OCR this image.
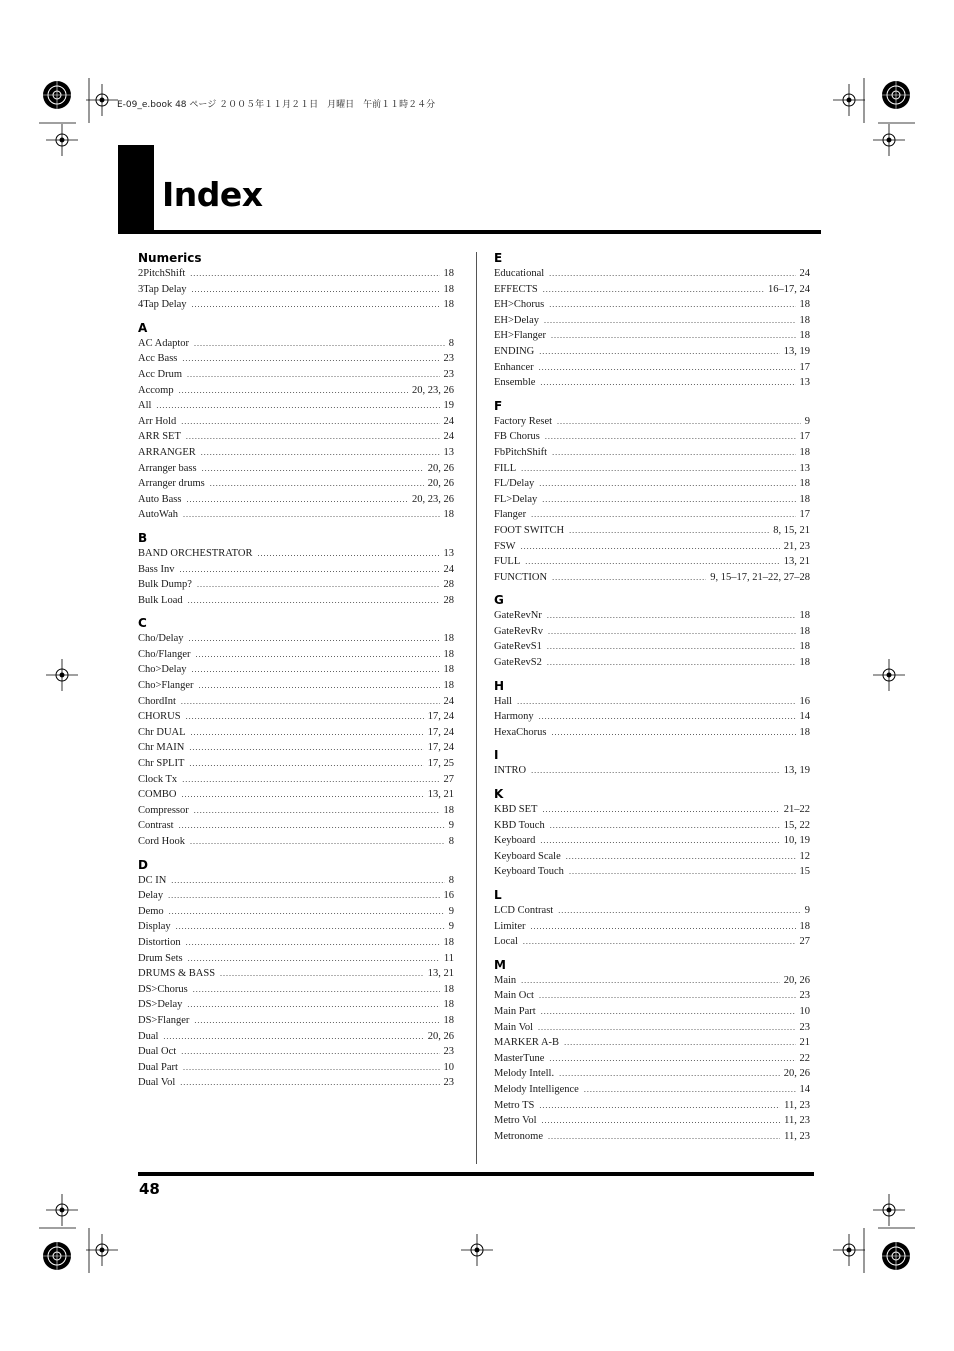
E-09_e.book 48 ページ ２００５年１１月２１日　月曜日　午前１１時２４分
Index
Numerics
2PitchShift .....	18
3Tap Delay .....	18
4Tap Delay .....	18
A
AC Adaptor .....	8
Acc Bass .....	23
Acc Drum .....	23
Accomp .....	20, 23, 26
All .....	19
Arr Hold .....	24
ARR SET .....	24
ARRANGER .....	13
Arranger bass .....	20, 26
Arranger drums .....	20, 26
Auto Bass .....	20, 23, 26
AutoWah .....	18
B
BAND ORCHESTRATOR .....	13
Bass Inv .....	24
Bulk Dump? .....	28
Bulk Load .....	28
C
Cho/Delay .....	18
Cho/Flanger .....	18
Cho>Delay .....	18
Cho>Flanger .....	18
ChordInt .....	24
CHORUS .....	17, 24
Chr DUAL .....	17, 24
Chr MAIN .....	17, 24
Chr SPLIT .....	17, 25
Clock Tx .....	27
COMBO .....	13, 21
Compressor .....	18
Contrast .....	9
Cord Hook .....	8
D
DC IN .....	8
Delay .....	16
Demo .....	9
Display .....	9
Distortion .....	18
Drum Sets .....	11
DRUMS & BASS .....	13, 21
DS>Chorus .....	18
DS>Delay .....	18
DS>Flanger .....	18
Dual .....	20, 26
Dual Oct .....	23
Dual Part .....	10
Dual Vol .....	23
E
Educational .....	24
EFFECTS .....	16–17, 24
EH>Chorus .....	18
EH>Delay .....	18
EH>Flanger .....	18
ENDING .....	13, 19
Enhancer .....	17
Ensemble .....	13
F
Factory Reset .....	9
FB Chorus .....	17
FbPitchShift .....	18
FILL .....	13
FL/Delay .....	18
FL>Delay .....	18
Flanger .....	17
FOOT SWITCH .....	8, 15, 21
FSW .....	21, 23
FULL .....	13, 21
FUNCTION .....	9, 15–17, 21–22, 27–28
G
GateRevNr .....	18
GateRevRv .....	18
GateRevS1 .....	18
GateRevS2 .....	18
H
Hall .....	16
Harmony .....	14
HexaChorus .....	18
I
INTRO .....	13, 19
K
KBD SET .....	21–22
KBD Touch .....	15, 22
Keyboard .....	10, 19
Keyboard Scale .....	12
Keyboard Touch .....	15
L
LCD Contrast .....	9
Limiter .....	18
Local .....	27
M
Main .....	20, 26
Main Oct .....	23
Main Part .....	10
Main Vol .....	23
MARKER A-B .....	21
MasterTune .....	22
Melody Intell. .....	20, 26
Melody Intelligence .....	14
Metro TS .....	11, 23
Metro Vol .....	11, 23
Metronome .....	11, 23
48
